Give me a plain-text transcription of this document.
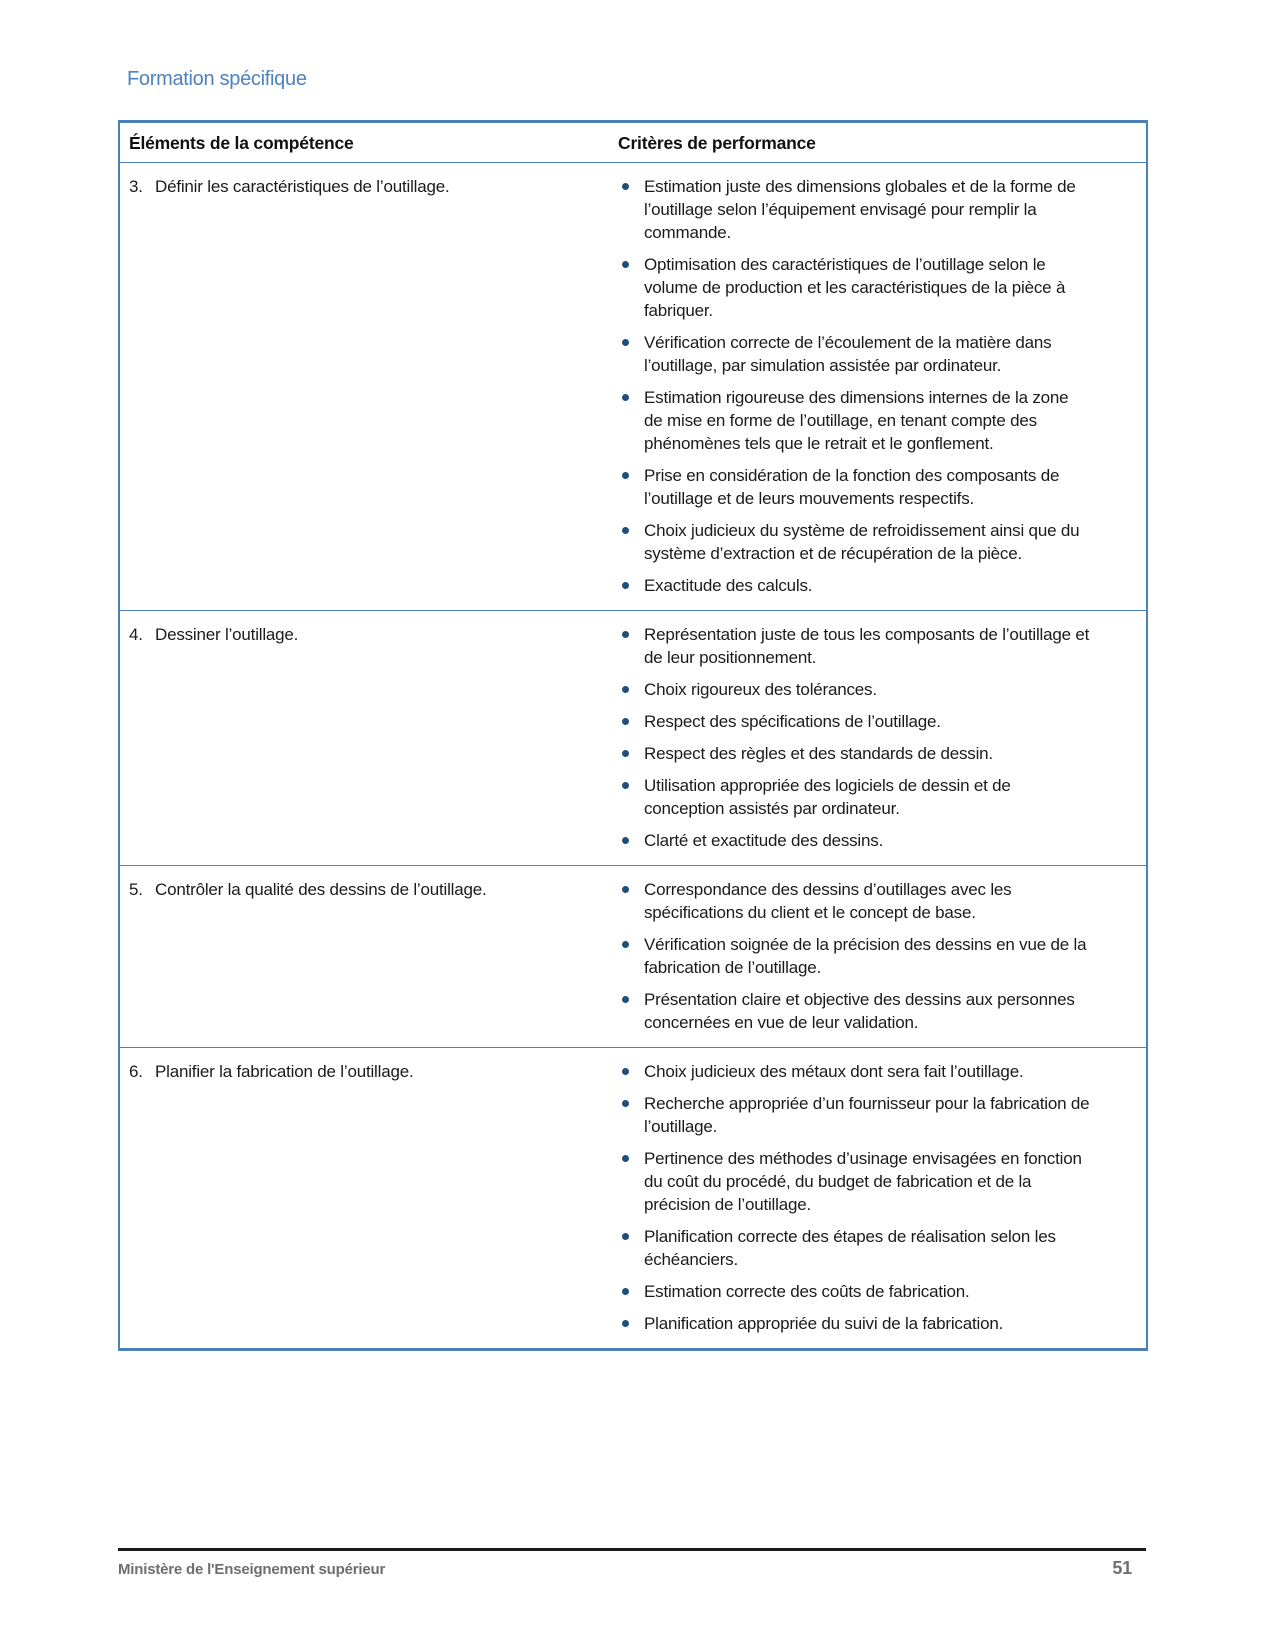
Formation spécifique
Éléments de la compétence	Critères de performance

3. Définir les caractéristiques de l’outillage.	Estimation juste des dimensions globales et de la forme de l’outillage selon l’équipement envisagé pour remplir la commande.
Optimisation des caractéristiques de l’outillage selon le volume de production et les caractéristiques de la pièce à fabriquer.
Vérification correcte de l’écoulement de la matière dans l’outillage, par simulation assistée par ordinateur.
Estimation rigoureuse des dimensions internes de la zone de mise en forme de l’outillage, en tenant compte des phénomènes tels que le retrait et le gonflement.
Prise en considération de la fonction des composants de l’outillage et de leurs mouvements respectifs.
Choix judicieux du système de refroidissement ainsi que du système d’extraction et de récupération de la pièce.
Exactitude des calculs.

4. Dessiner l’outillage.	Représentation juste de tous les composants de l’outillage et de leur positionnement.
Choix rigoureux des tolérances.
Respect des spécifications de l’outillage.
Respect des règles et des standards de dessin.
Utilisation appropriée des logiciels de dessin et de conception assistés par ordinateur.
Clarté et exactitude des dessins.

5. Contrôler la qualité des dessins de l’outillage.	Correspondance des dessins d’outillages avec les spécifications du client et le concept de base.
Vérification soignée de la précision des dessins en vue de la fabrication de l’outillage.
Présentation claire et objective des dessins aux personnes concernées en vue de leur validation.

6. Planifier la fabrication de l’outillage.	Choix judicieux des métaux dont sera fait l’outillage.
Recherche appropriée d’un fournisseur pour la fabrication de l’outillage.
Pertinence des méthodes d’usinage envisagées en fonction du coût du procédé, du budget de fabrication et de la précision de l’outillage.
Planification correcte des étapes de réalisation selon les échéanciers.
Estimation correcte des coûts de fabrication.
Planification appropriée du suivi de la fabrication.
Ministère de l'Enseignement supérieur	51
